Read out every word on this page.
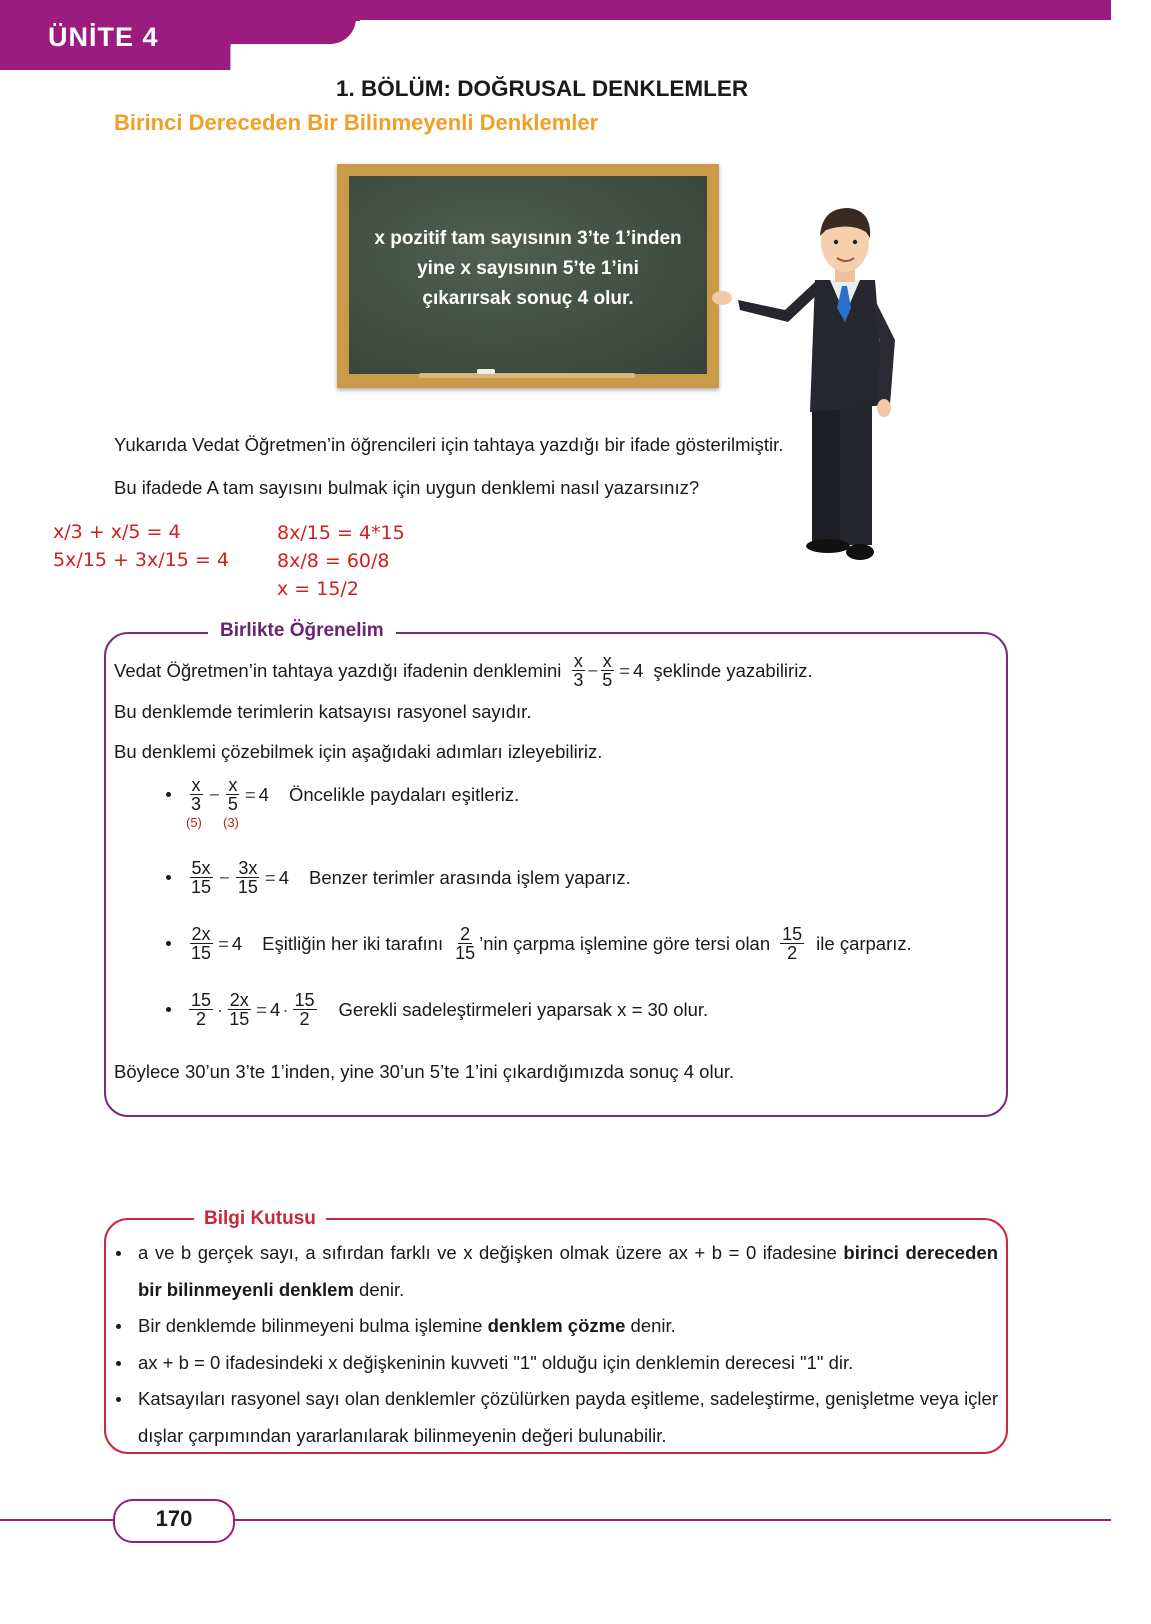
ÜNİTE 4
1. BÖLÜM: DOĞRUSAL DENKLEMLER
Birinci Dereceden Bir Bilinmeyenli Denklemler
x pozitif tam sayısının 3’te 1’inden
yine x sayısının 5’te 1’ini
çıkarırsak sonuç 4 olur.
Yukarıda Vedat Öğretmen’in öğrencileri için tahtaya yazdığı bir ifade gösterilmiştir.
Bu ifadede A tam sayısını bulmak için uygun denklemi nasıl yazarsınız?
x/3 + x/5 = 4
5x/15 + 3x/15 = 4
8x/15 = 4*15
8x/8 = 60/8
x = 15/2
Birlikte Öğrenelim
Vedat Öğretmen’in tahtaya yazdığı ifadenin denklemini $\frac{x}{3} - \frac{x}{5} = 4$ şeklinde yazabiliriz.
Bu denklemde terimlerin katsayısı rasyonel sayıdır.
Bu denklemi çözebilmek için aşağıdaki adımları izleyebiliriz.
$\frac{x}{3} - \frac{x}{5} = 4$ Öncelikle paydaları eşitleriz.
(5) (3)
$\frac{5x}{15} - \frac{3x}{15} = 4$ Benzer terimler arasında işlem yaparız.
$\frac{2x}{15} = 4$ Eşitliğin her iki tarafını $\frac{2}{15}$ ’nin çarpma işlemine göre tersi olan $\frac{15}{2}$ ile çarparız.
$\frac{15}{2} \cdot \frac{2x}{15} = 4 \cdot \frac{15}{2}$ Gerekli sadeleştirmeleri yaparsak x = 30 olur.
Böylece 30’un 3’te 1’inden, yine 30’un 5’te 1’ini çıkardığımızda sonuç 4 olur.
Bilgi Kutusu
a ve b gerçek sayı, a sıfırdan farklı ve x değişken olmak üzere ax + b = 0 ifadesine birinci dereceden bir bilinmeyenli denklem denir.
Bir denklemde bilinmeyeni bulma işlemine denklem çözme denir.
ax + b = 0 ifadesindeki x değişkeninin kuvveti "1" olduğu için denklemin derecesi "1" dir.
Katsayıları rasyonel sayı olan denklemler çözülürken payda eşitleme, sadeleştirme, genişletme veya içler dışlar çarpımından yararlanılarak bilinmeyenin değeri bulunabilir.
170
